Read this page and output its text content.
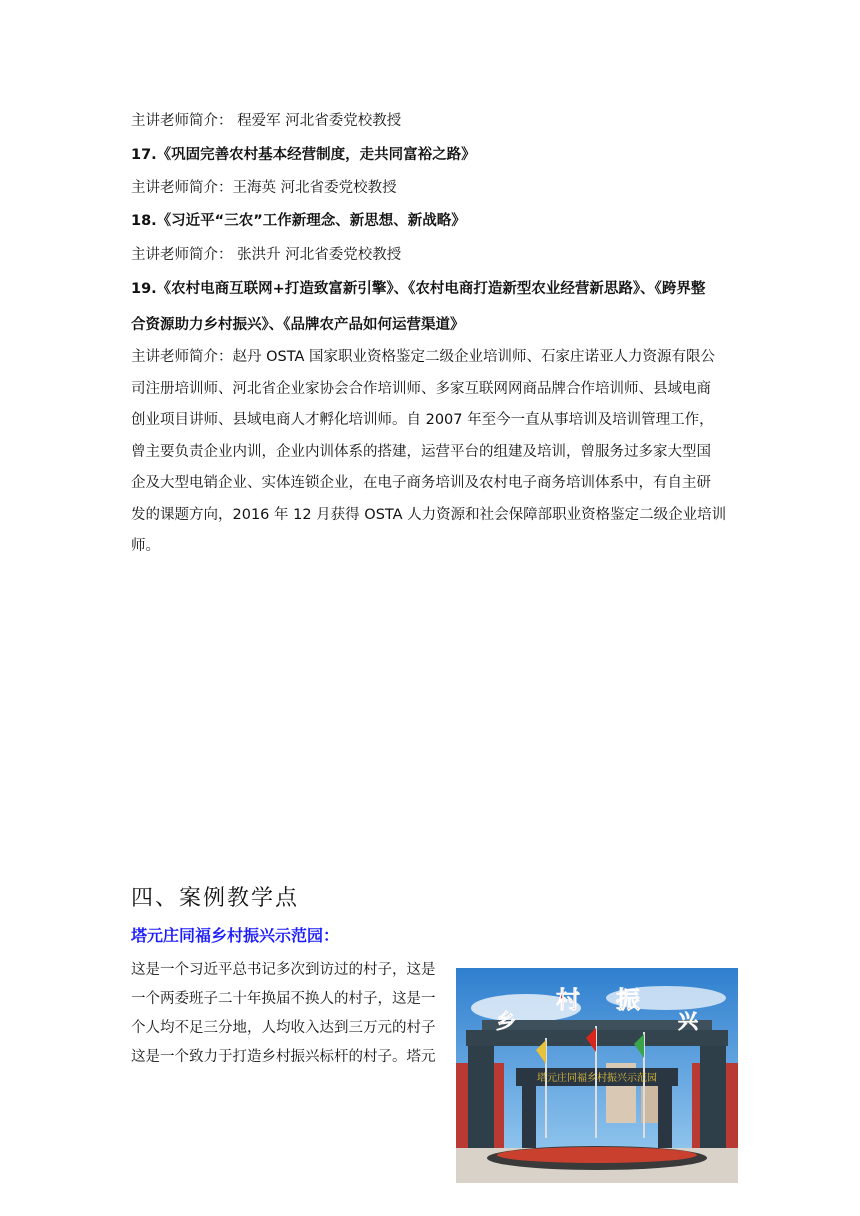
主讲老师简介： 程爱军 河北省委党校教授
17.《巩固完善农村基本经营制度，走共同富裕之路》
主讲老师简介：王海英 河北省委党校教授
18.《习近平“三农”工作新理念、新思想、新战略》
主讲老师简介： 张洪升 河北省委党校教授
19.《农村电商互联网+打造致富新引擎》、《农村电商打造新型农业经营新思路》、《跨界整
合资源助力乡村振兴》、《品牌农产品如何运营渠道》
主讲老师简介：赵丹 OSTA 国家职业资格鉴定二级企业培训师、石家庄诺亚人力资源有限公
司注册培训师、河北省企业家协会合作培训师、多家互联网网商品牌合作培训师、县域电商
创业项目讲师、县域电商人才孵化培训师。自 2007 年至今一直从事培训及培训管理工作，
曾主要负责企业内训，企业内训体系的搭建，运营平台的组建及培训，曾服务过多家大型国
企及大型电销企业、实体连锁企业，在电子商务培训及农村电子商务培训体系中，有自主研
发的课题方向，2016 年 12 月获得 OSTA 人力资源和社会保障部职业资格鉴定二级企业培训
师。
四、案例教学点
塔元庄同福乡村振兴示范园：
这是一个习近平总书记多次到访过的村子，这是
一个两委班子二十年换届不换人的村子，这是一
个人均不足三分地，人均收入达到三万元的村子
这是一个致力于打造乡村振兴标杆的村子。塔元
乡
村 振
兴
塔元庄同福乡村振兴示范园
